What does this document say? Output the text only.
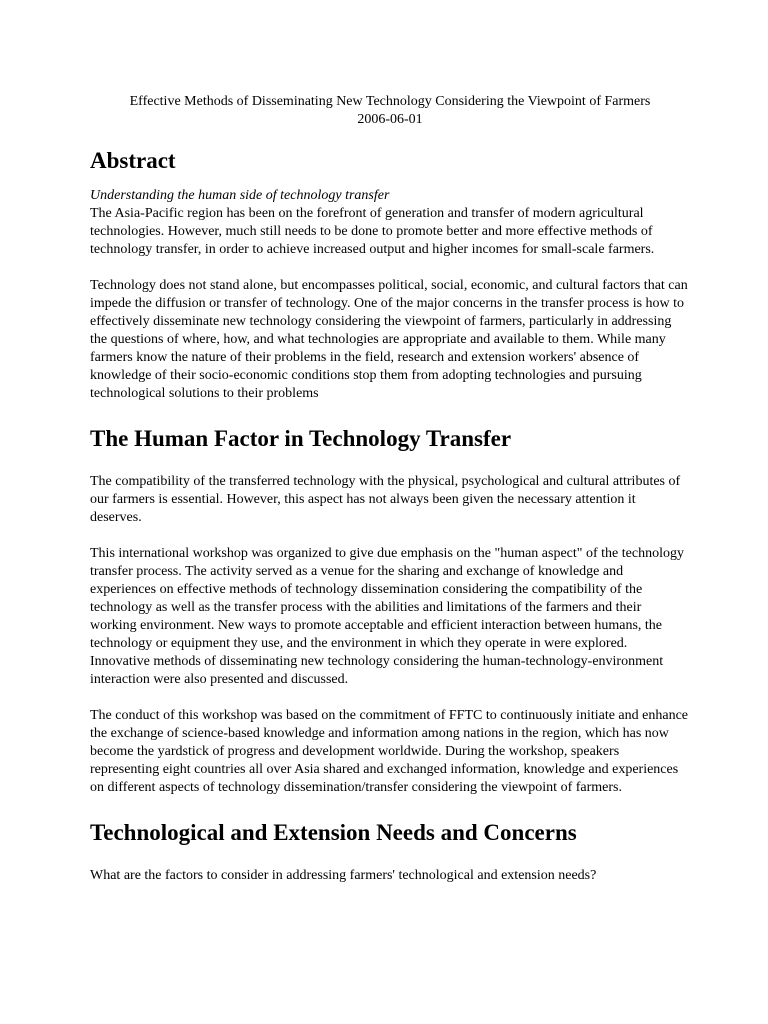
Effective Methods of Disseminating New Technology Considering the Viewpoint of Farmers

2006-06-01

Abstract

Understanding the human side of technology transfer

The Asia-Pacific region has been on the forefront of generation and transfer of modern agricultural technologies. However, much still needs to be done to promote better and more effective methods of technology transfer, in order to achieve increased output and higher incomes for small-scale farmers.

Technology does not stand alone, but encompasses political, social, economic, and cultural factors that can impede the diffusion or transfer of technology. One of the major concerns in the transfer process is how to effectively disseminate new technology considering the viewpoint of farmers, particularly in addressing the questions of where, how, and what technologies are appropriate and available to them. While many farmers know the nature of their problems in the field, research and extension workers' absence of knowledge of their socio-economic conditions stop them from adopting technologies and pursuing technological solutions to their problems

The Human Factor in Technology Transfer

The compatibility of the transferred technology with the physical, psychological and cultural attributes of our farmers is essential. However, this aspect has not always been given the necessary attention it deserves.

This international workshop was organized to give due emphasis on the "human aspect" of the technology transfer process. The activity served as a venue for the sharing and exchange of knowledge and experiences on effective methods of technology dissemination considering the compatibility of the technology as well as the transfer process with the abilities and limitations of the farmers and their working environment. New ways to promote acceptable and efficient interaction between humans, the technology or equipment they use, and the environment in which they operate in were explored. Innovative methods of disseminating new technology considering the human-technology-environment interaction were also presented and discussed.

The conduct of this workshop was based on the commitment of FFTC to continuously initiate and enhance the exchange of science-based knowledge and information among nations in the region, which has now become the yardstick of progress and development worldwide. During the workshop, speakers representing eight countries all over Asia shared and exchanged information, knowledge and experiences on different aspects of technology dissemination/transfer considering the viewpoint of farmers.

Technological and Extension Needs and Concerns

What are the factors to consider in addressing farmers' technological and extension needs?
